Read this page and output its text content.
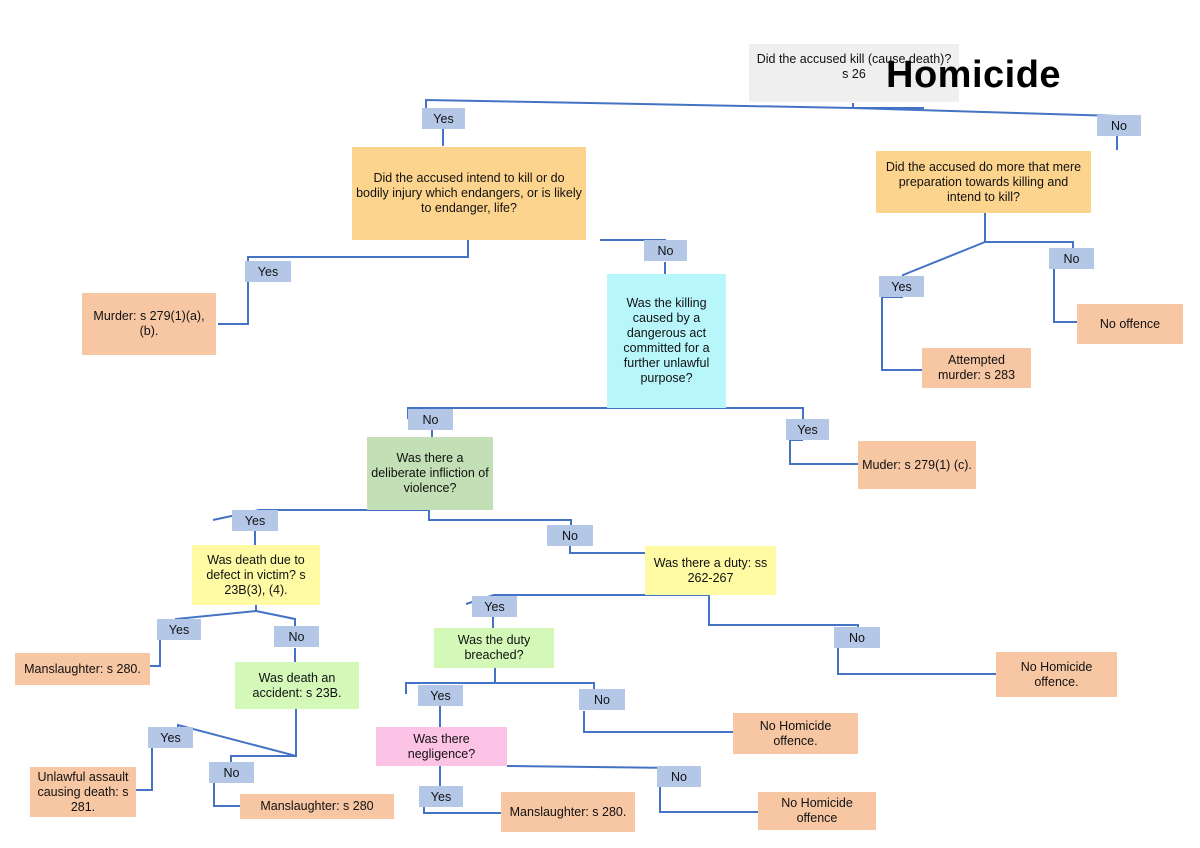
Did the accused kill (cause death)? s 26 Homicide
Yes	No
Did the accused intend to kill or do bodily injury which endangers, or is likely to endanger, life?
Did the accused do more that mere preparation towards killing and intend to kill?
Yes
No
No
Yes
Murder: s 279(1)(a), (b).
Was the killing caused by a dangerous act committed for a further unlawful purpose?
No offence
Attempted murder: s 283
No
Yes
Was there a deliberate infliction of violence?
Muder: s 279(1) (c).
Yes
No
Was death due to defect in victim? s 23B(3), (4).
Was there a duty: ss 262-267
Yes
Yes	No	No
Was the duty breached?
Manslaughter: s 280.	No Homicide offence.
Was death an accident: s 23B.	Yes	No
No Homicide offence.
Was there negligence?
Yes
No	No
Unlawful assault causing death: s 281.
Yes
Manslaughter: s 280	Manslaughter: s 280.
No Homicide offence
